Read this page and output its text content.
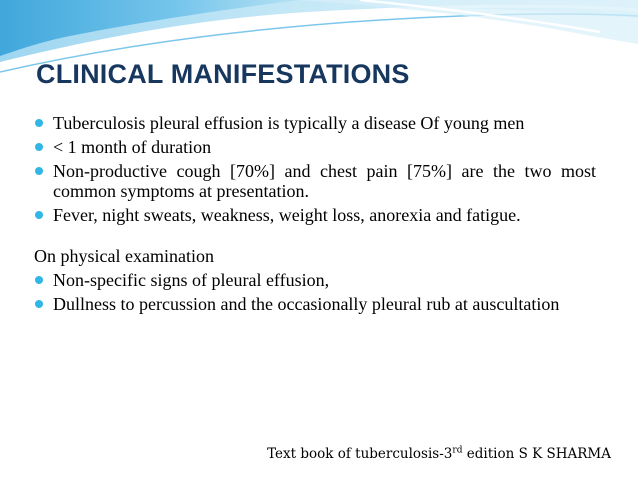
CLINICAL MANIFESTATIONS
Tuberculosis pleural effusion is typically a disease Of young men
< 1 month of duration
Non-productive cough [70%] and chest pain [75%] are the two most common symptoms at presentation.
Fever, night sweats, weakness, weight loss, anorexia and fatigue.
On physical examination
Non-specific signs of pleural effusion,
Dullness to percussion and the occasionally pleural rub at auscultation
Text book of tuberculosis-3rd edition S K SHARMA
